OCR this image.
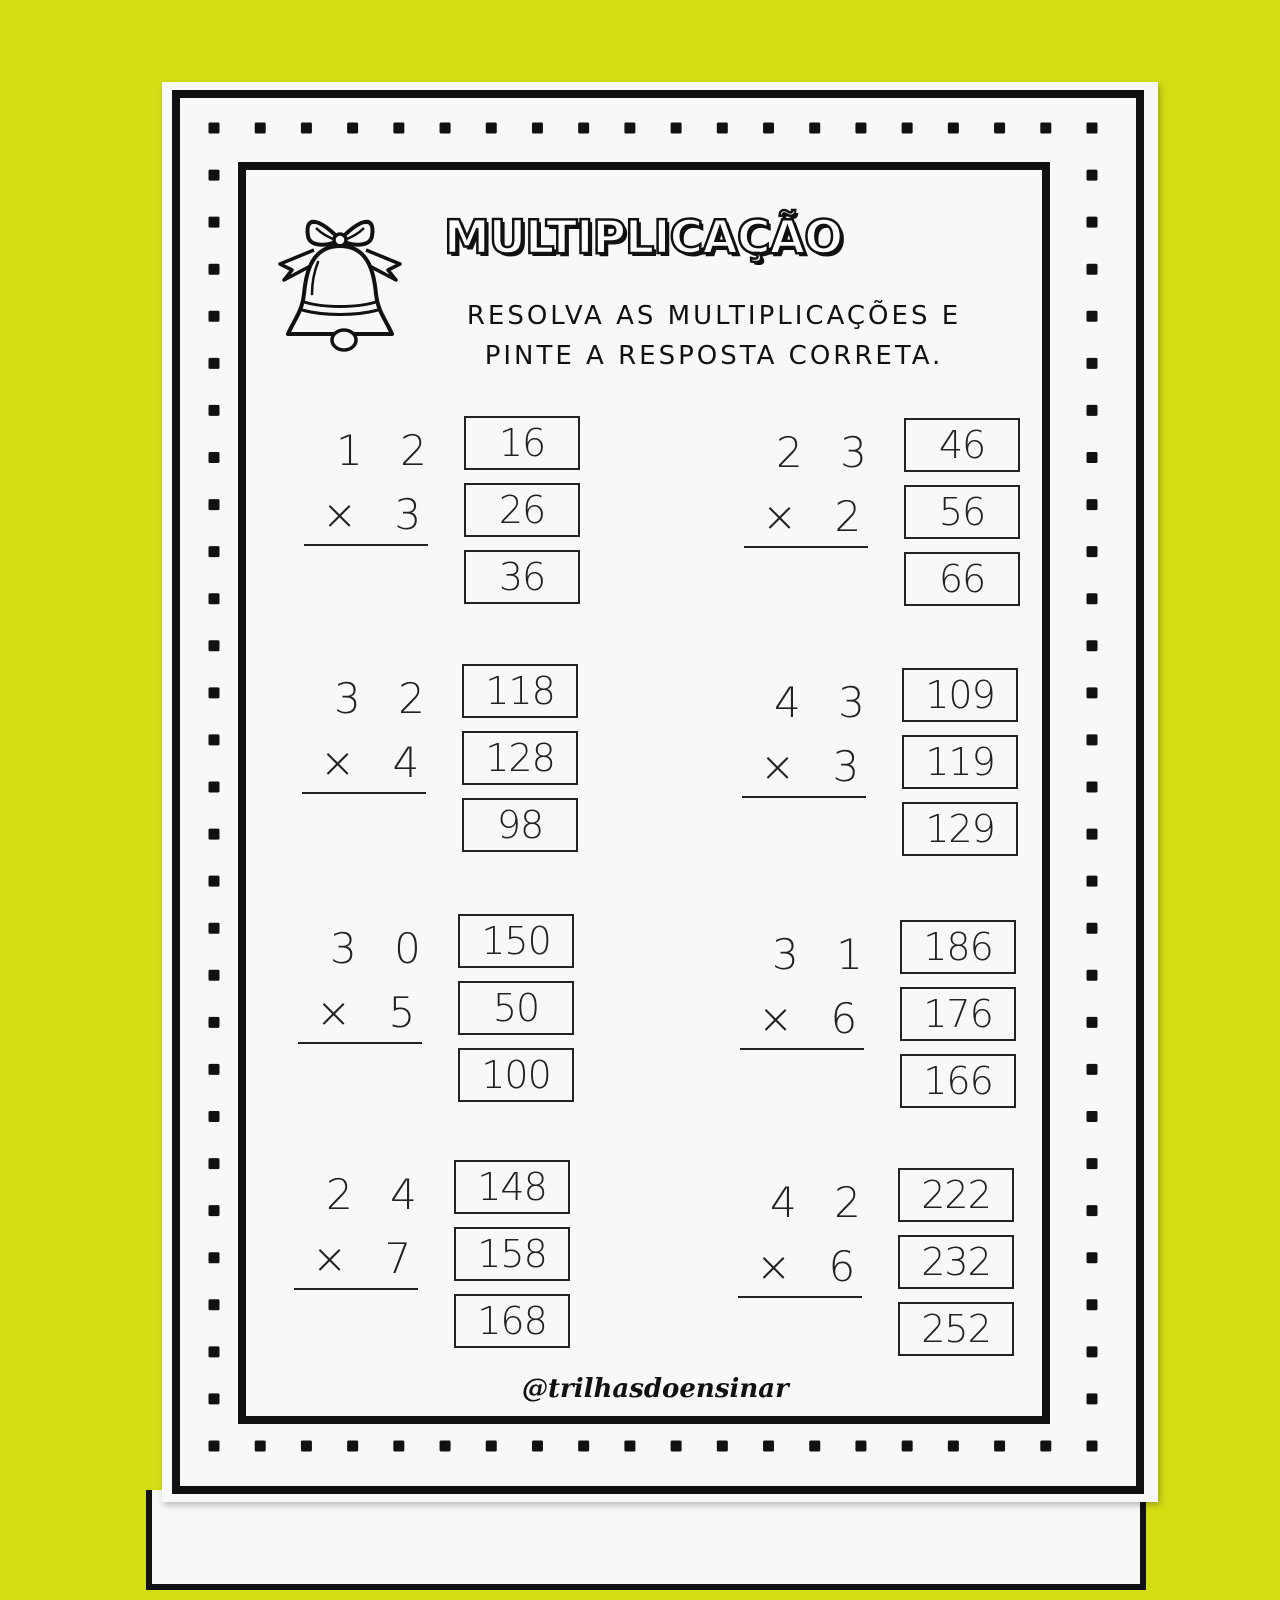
MULTIPLICAÇÃO
RESOLVA AS MULTIPLICAÇÕES E
PINTE A RESPOSTA CORRETA.
1 2
× 3
16
26
36
2 3
× 2
46
56
66
3 2
× 4
118
128
98
4 3
× 3
109
119
129
3 0
× 5
150
50
100
3 1
× 6
186
176
166
2 4
× 7
148
158
168
4 2
× 6
222
232
252
@trilhasdoensinar
